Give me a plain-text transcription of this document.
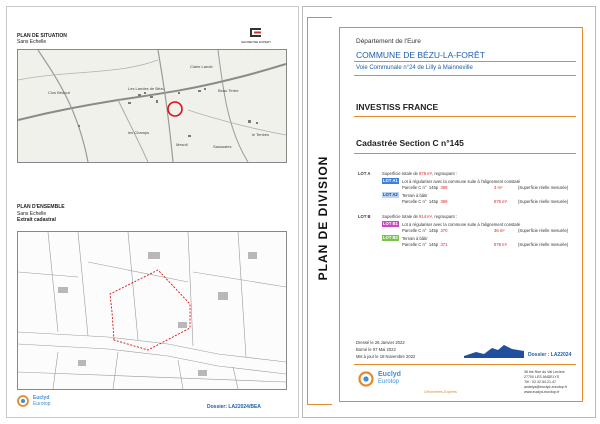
PLAN DE SITUATION
Sans Echelle	GEOMETRE EXPERT
Claire Lande
Les Landes de Bézu	Beau Tertre
Clos Bédout
Mesnil
le Tenbes
Saussaies
les Champs
PLAN D'ENSEMBLE
Sans Echelle
Extrait cadastral
Euclyd
Eurotop	Dossier: LA22024/BEA
PLAN DE DIVISION
Département de l'Eure
COMMUNE DE BÉZU-LA-FORÊT
Voie Communale n°24 de Lilly à Mainneville
INVESTISS FRANCE
Cadastrée Section C n°145
LOT A	Superficie totale de 878 m², regroupant :
LOT A1 Lot à régulariser avec la commune suite à l'alignement constaté
Parcelle C n° 145p 368	3 m²	(Superficie réelle mesurée)
LOT A2 Terrain à bâtir
Parcelle C n° 145p 369	875 m²	(Superficie réelle mesurée)
LOT B	Superficie totale de 914 m², regroupant :
LOT B1 Lot à régulariser avec la commune suite à l'alignement constaté
Parcelle C n° 145p 370	36 m²	(Superficie réelle mesurée)
LOT B2 Terrain à bâtir
Parcelle C n° 145p 371	878 m²	(Superficie réelle mesurée)
Dressé le 26 Janvier 2022
Borné le 07 Mai 2022
Mis à jour le 18 Novembre 2022	Dossier : LA22024
Euclyd
Eurotop
Géomètres-Experts
36 bis Rue du Val Leclerc
27700 LES ANDELYS
Tél : 02.32.54.21.47
andelys@euclyd-eurotop.fr
www.euclyd-eurotop.fr
